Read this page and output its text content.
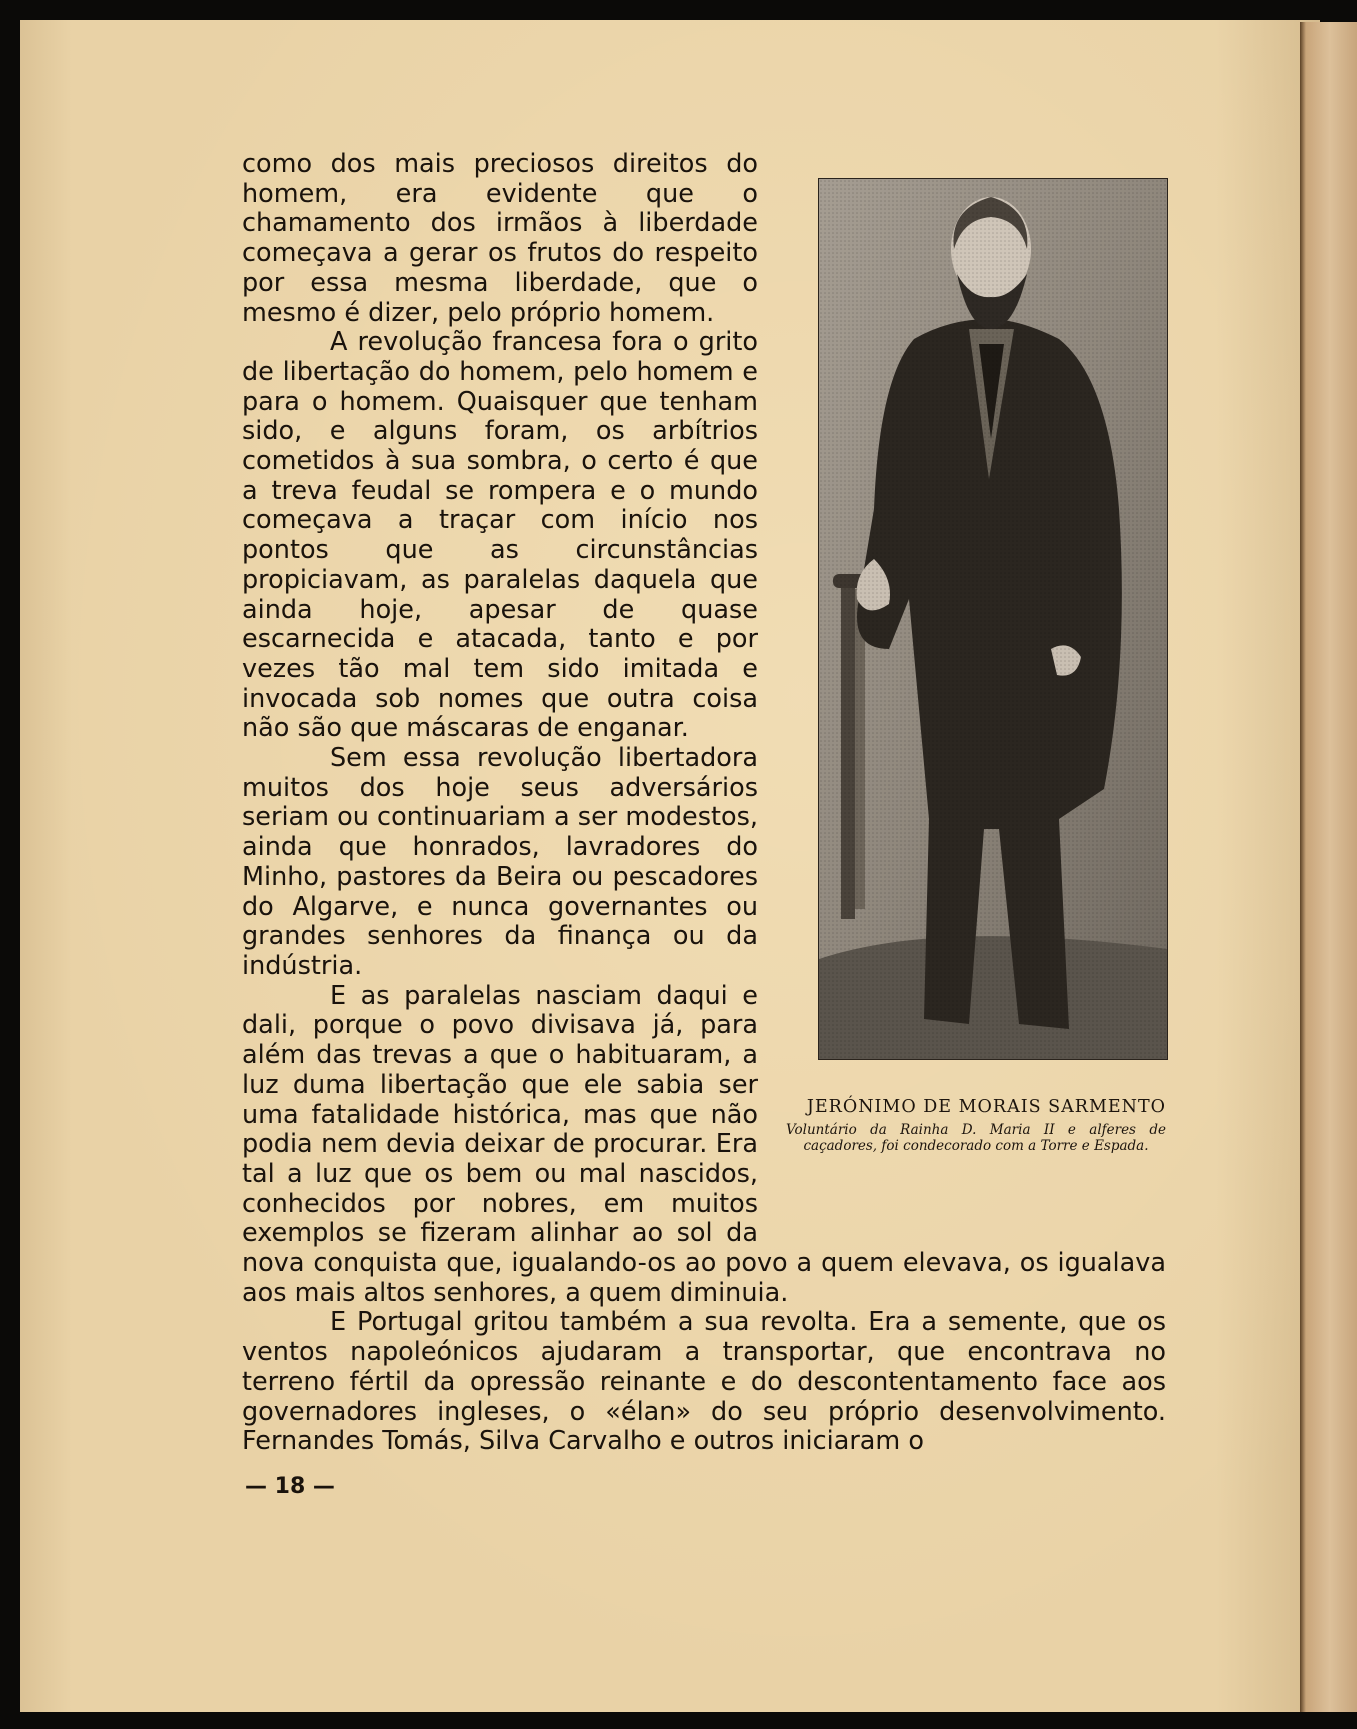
JERÓNIMO DE MORAIS SARMENTO
Voluntário da Rainha D. Maria II e alferes de caçadores, foi condecorado com a Torre e Espada.

como dos mais preciosos direitos do homem, era evidente que o chamamento dos irmãos à liberdade começava a gerar os frutos do respeito por essa mesma liberdade, que o mesmo é dizer, pelo próprio homem.

A revolução francesa fora o grito de libertação do homem, pelo homem e para o homem. Quaisquer que tenham sido, e alguns foram, os arbítrios cometidos à sua sombra, o certo é que a treva feudal se rompera e o mundo começava a traçar com início nos pontos que as circunstâncias propiciavam, as paralelas daquela que ainda hoje, apesar de quase escarnecida e atacada, tanto e por vezes tão mal tem sido imitada e invocada sob nomes que outra coisa não são que máscaras de enganar.

Sem essa revolução libertadora muitos dos hoje seus adversários seriam ou continuariam a ser modestos, ainda que honrados, lavradores do Minho, pastores da Beira ou pescadores do Algarve, e nunca governantes ou grandes senhores da finança ou da indústria.

E as paralelas nasciam daqui e dali, porque o povo divisava já, para além das trevas a que o habituaram, a luz duma libertação que ele sabia ser uma fatalidade histórica, mas que não podia nem devia deixar de procurar. Era tal a luz que os bem ou mal nascidos, conhecidos por nobres, em muitos exemplos se fizeram alinhar ao sol da nova conquista que, igualando-os ao povo a quem elevava, os igualava aos mais altos senhores, a quem diminuia.

E Portugal gritou também a sua revolta. Era a semente, que os ventos napoleónicos ajudaram a transportar, que encontrava no terreno fértil da opressão reinante e do descontentamento face aos governadores ingleses, o «élan» do seu próprio desenvolvimento. Fernandes Tomás, Silva Carvalho e outros iniciaram o

— 18 —
